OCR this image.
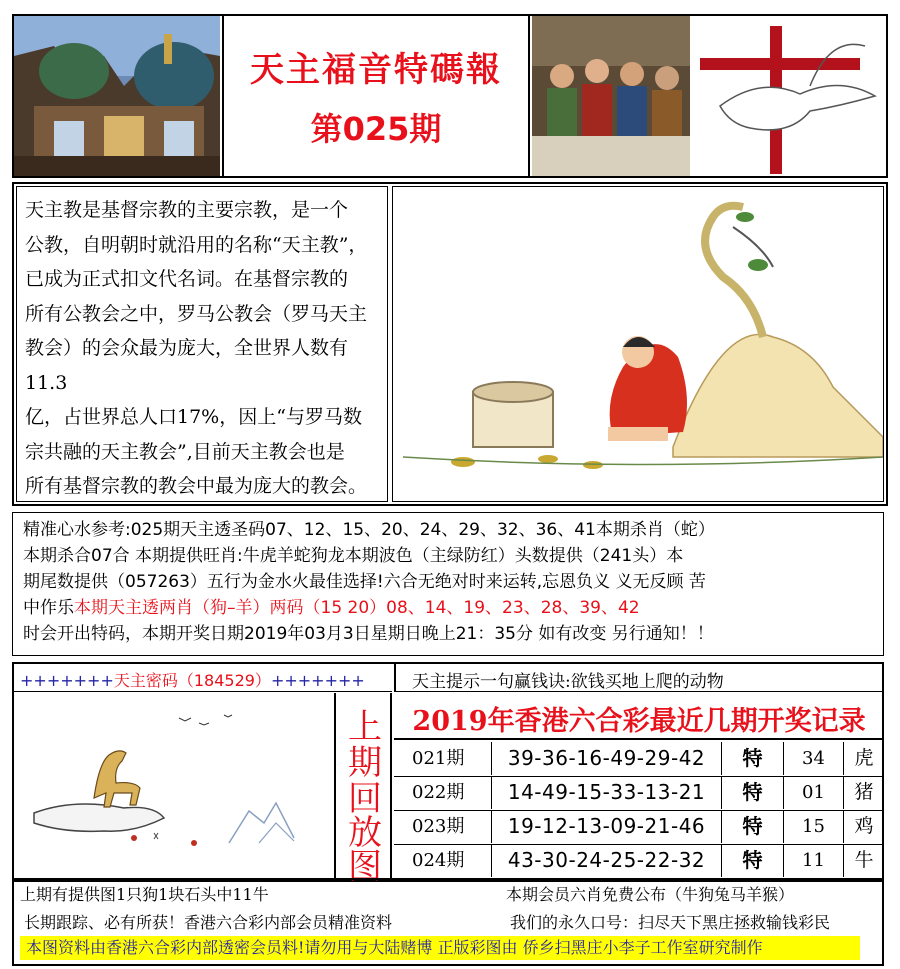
天主福音特碼報
第025期
天主教是基督宗教的主要宗教，是一个
公教，自明朝时就沿用的名称“天主教”，
已成为正式扣文代名词。在基督宗教的
所有公教会之中，罗马公教会（罗马天主
教会）的会众最为庞大，全世界人数有11.3
亿，占世界总人口17%，因上“与罗马数
宗共融的天主教会”,目前天主教会也是
所有基督宗教的教会中最为庞大的教会。

精准心水参考:025期天主透圣码07、12、15、20、24、29、32、36、41本期杀肖（蛇）

本期杀合07合 本期提供旺肖:牛虎羊蛇狗龙本期波色（主绿防红）头数提供（241头）本

期尾数提供（057263）五行为金水火最佳选择!六合无绝对时来运转,忘恩负义 义无反顾 苦

中作乐本期天主透两肖（狗–羊）两码（15 20）08、14、19、23、28、39、42

时会开出特码，本期开奖日期2019年03月3日星期日晚上21：35分 如有改变 另行通知！！

+++++++天主密码（184529）+++++++	天主提示一句赢钱诀:欲钱买地上爬的动物
上
期
回
放
图
2019年香港六合彩最近几期开奖记录
021期	39-36-16-49-29-42	特	34	虎
022期	14-49-15-33-13-21	特	01	猪
023期	19-12-13-09-21-46	特	15	鸡
024期	43-30-24-25-22-32	特	11	牛
上期有提供图1只狗1块石头中11牛	本期会员六肖免费公布（牛狗兔马羊猴）
长期跟踪、必有所获！香港六合彩内部会员精准资料	我们的永久口号：扫尽天下黑庄拯救输钱彩民
本图资料由香港六合彩内部透密会员料!请勿用与大陆赌博 正版彩图由 侨乡扫黑庄小李子工作室研究制作
